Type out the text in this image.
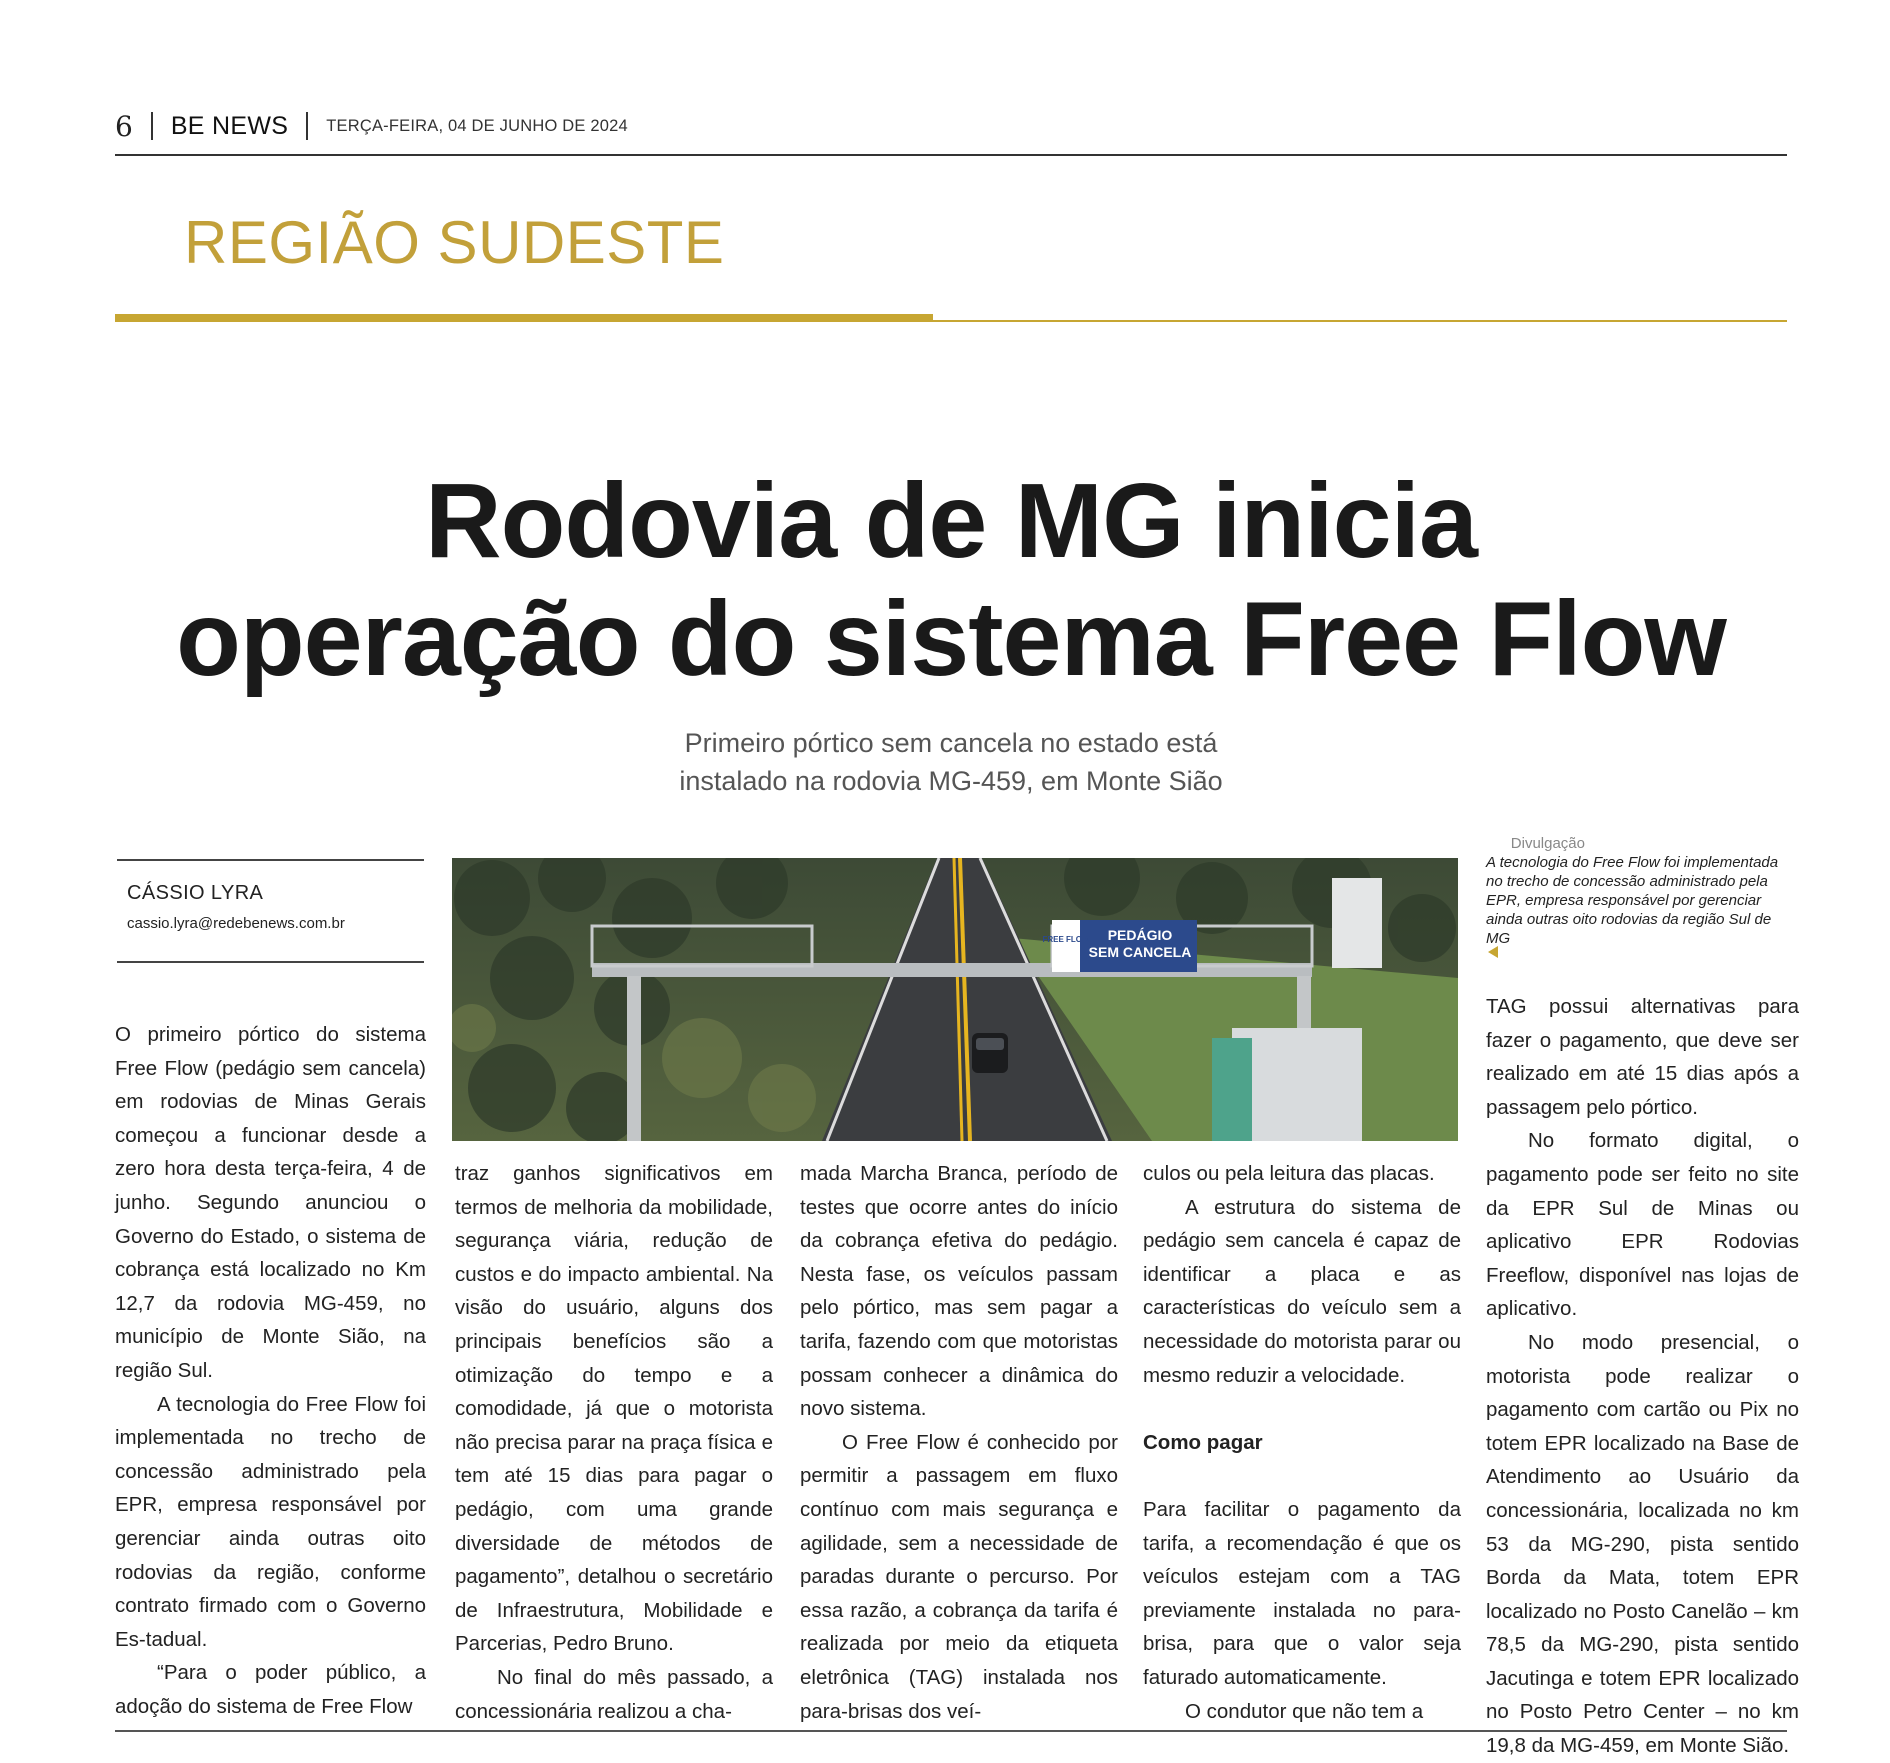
6 BE NEWS TERÇA-FEIRA, 04 DE JUNHO DE 2024
REGIÃO SUDESTE
Rodovia de MG inicia
operação do sistema Free Flow
Primeiro pórtico sem cancela no estado está
instalado na rodovia MG-459, em Monte Sião
CÁSSIO LYRA
cassio.lyra@redebenews.com.br
Divulgação
FREE FLOW PEDÁGIO
SEM CANCELA
A tecnologia do Free Flow foi implementada no trecho de concessão administrado pela EPR, empresa responsável por gerenciar ainda outras oito rodovias da região Sul de MG

O primeiro pórtico do sistema Free Flow (pedágio sem cancela) em rodovias de Minas Gerais começou a funcionar desde a zero hora desta terça-feira, 4 de junho. Segundo anunciou o Governo do Estado, o sistema de cobrança está localizado no Km 12,7 da rodovia MG-459, no município de Monte Sião, na região Sul.

A tecnologia do Free Flow foi implementada no trecho de concessão administrado pela EPR, empresa responsável por gerenciar ainda outras oito rodovias da região, conforme contrato firmado com o Governo Es-tadual.

“Para o poder público, a adoção do sistema de Free Flow

traz ganhos significativos em termos de melhoria da mobilidade, segurança viária, redução de custos e do impacto ambiental. Na visão do usuário, alguns dos principais benefícios são a otimização do tempo e a comodidade, já que o motorista não precisa parar na praça física e tem até 15 dias para pagar o pedágio, com uma grande diversidade de métodos de pagamento”, detalhou o secretário de Infraestrutura, Mobilidade e Parcerias, Pedro Bruno.

No final do mês passado, a concessionária realizou a cha-

mada Marcha Branca, período de testes que ocorre antes do início da cobrança efetiva do pedágio. Nesta fase, os veículos passam pelo pórtico, mas sem pagar a tarifa, fazendo com que motoristas possam conhecer a dinâmica do novo sistema.

O Free Flow é conhecido por permitir a passagem em fluxo contínuo com mais segurança e agilidade, sem a necessidade de paradas durante o percurso. Por essa razão, a cobrança da tarifa é realizada por meio da etiqueta eletrônica (TAG) instalada nos para-brisas dos veí-

culos ou pela leitura das placas.

A estrutura do sistema de pedágio sem cancela é capaz de identificar a placa e as características do veículo sem a necessidade do motorista parar ou mesmo reduzir a velocidade.

Como pagar

Para facilitar o pagamento da tarifa, a recomendação é que os veículos estejam com a TAG previamente instalada no para-brisa, para que o valor seja faturado automaticamente.

O condutor que não tem a

TAG possui alternativas para fazer o pagamento, que deve ser realizado em até 15 dias após a passagem pelo pórtico.

No formato digital, o pagamento pode ser feito no site da EPR Sul de Minas ou aplicativo EPR Rodovias Freeflow, disponível nas lojas de aplicativo.

No modo presencial, o motorista pode realizar o pagamento com cartão ou Pix no totem EPR localizado na Base de Atendimento ao Usuário da concessionária, localizada no km 53 da MG-290, pista sentido Borda da Mata, totem EPR localizado no Posto Canelão – km 78,5 da MG-290, pista sentido Jacutinga e totem EPR localizado no Posto Petro Center – no km 19,8 da MG-459, em Monte Sião.
